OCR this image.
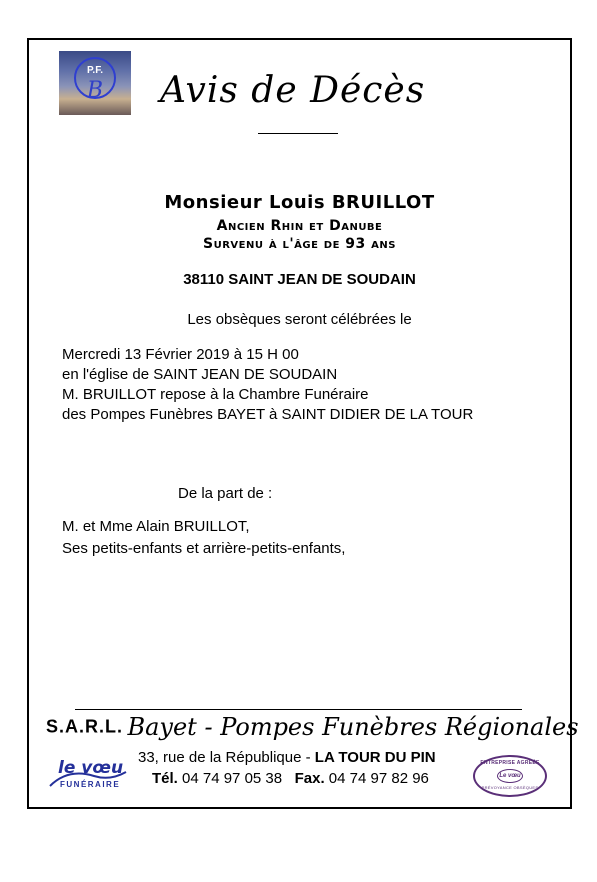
P.F.
B	Avis de Décès
Monsieur Louis BRUILLOT
Ancien Rhin et Danube
Survenu à l'âge de 93 ans
38110 SAINT JEAN DE SOUDAIN
Les obsèques seront célébrées le
Mercredi 13 Février 2019 à 15 H 00
en l'église de SAINT JEAN DE SOUDAIN
M. BRUILLOT repose à la Chambre Funéraire
des Pompes Funèbres BAYET à SAINT DIDIER DE LA TOUR
De la part de :
M. et Mme Alain BRUILLOT,
Ses petits-enfants et arrière-petits-enfants,
S.A.R.L. Bayet - Pompes Funèbres Régionales
33, rue de la République - LA TOUR DU PIN
Tél. 04 74 97 05 38 Fax. 04 74 97 82 96
le vœu
FUNÉRAIRE
ENTREPRISE AGRÉÉE
Le vœu
PRÉVOYANCE OBSÈQUES
